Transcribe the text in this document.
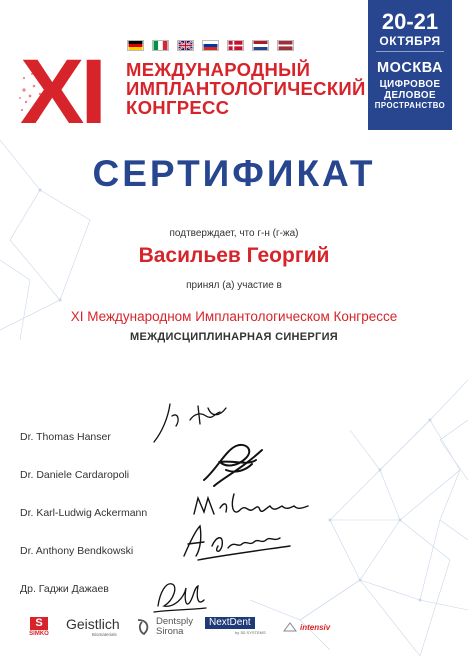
XI МЕЖДУНАРОДНЫЙ
ИМПЛАНТОЛОГИЧЕСКИЙ
КОНГРЕСС
20-21
ОКТЯБРЯ
МОСКВА
ЦИФРОВОЕ
ДЕЛОВОЕ
ПРОСТРАНСТВО
СЕРТИФИКАТ
подтверждает, что г-н (г-жа)
Васильев Георгий
принял (а) участие в
XI Международном Имплантологическом Конгрессе
МЕЖДИСЦИПЛИНАРНАЯ СИНЕРГИЯ
Dr. Thomas Hanser
Dr. Daniele Cardaropoli
Dr. Karl-Ludwig Ackermann
Dr. Anthony Bendkowski
Др. Гаджи Дажаев
S
SIMKO
Geistlich
Biomaterials
Dentsply
Sirona
NextDent
by 3D SYSTEMS
intensiv
